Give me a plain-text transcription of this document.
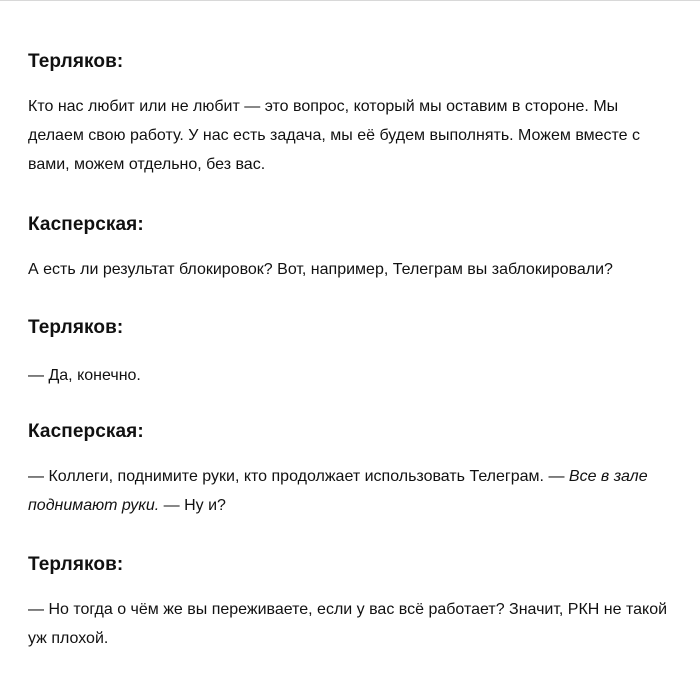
Терляков:

Кто нас любит или не любит — это вопрос, который мы оставим в стороне. Мы делаем свою работу. У нас есть задача, мы её будем выполнять. Можем вместе с вами, можем отдельно, без вас.

Касперская:

А есть ли результат блокировок? Вот, например, Телеграм вы заблокировали?

Терляков:

— Да, конечно.

Касперская:

— Коллеги, поднимите руки, кто продолжает использовать Телеграм. — Все в зале поднимают руки. — Ну и?

Терляков:

— Но тогда о чём же вы переживаете, если у вас всё работает? Значит, РКН не такой уж плохой.
